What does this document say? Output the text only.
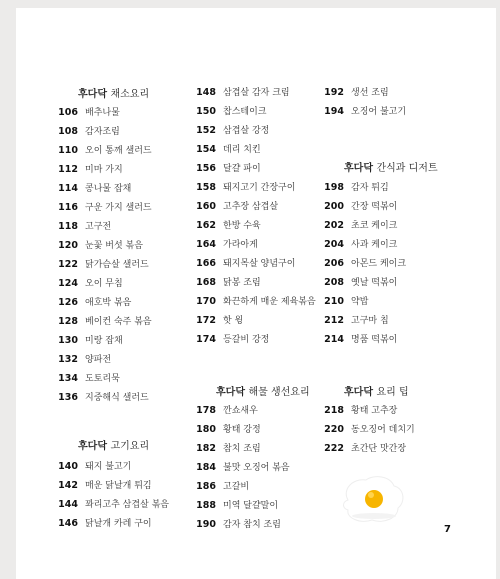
후다닥 채소요리
106 배추나물
108 감자조림
110 오이 통깨 샐러드
112 미마 가지
114 콩나물 잡채
116 구운 가지 샐러드
118 고구전
120 눈꽃 버섯 볶음
122 닭가슴살 샐러드
124 오이 무침
126 애호박 볶음
128 베이컨 숙주 볶음
130 미랑 잡채
132 양파전
134 도토리묵
136 지중해식 샐러드
후다닥 고기요리
140 돼지 불고기
142 매운 닭날개 튀김
144 꽈리고추 삼겹살 볶음
146 닭날개 카레 구이
148 삼겹살 감자 크림
150 찹스테이크
152 삼겹살 강정
154 데리 치킨
156 달걀 파이
158 돼지고기 간장구이
160 고추장 삼겹살
162 한방 수육
164 가라아게
166 돼지목살 양념구이
168 닭봉 조림
170 화끈하게 매운 제육볶음
172 핫 윙
174 등갈비 강정
후다닥 해물 생선요리
178 깐쇼새우
180 황태 강정
182 참치 조림
184 불맛 오징어 볶음
186 고갈비
188 미역 달걀말이
190 감자 참치 조림
192 생선 조림
194 오징어 불고기
후다닥 간식과 디저트
198 감자 튀김
200 간장 떡볶이
202 초코 케이크
204 사과 케이크
206 아몬드 케이크
208 옛날 떡볶이
210 약밥
212 고구마 칩
214 명품 떡볶이
후다닥 요리 팁
218 황태 고추장
220 동오징어 데치기
222 초간단 맛간장
7
